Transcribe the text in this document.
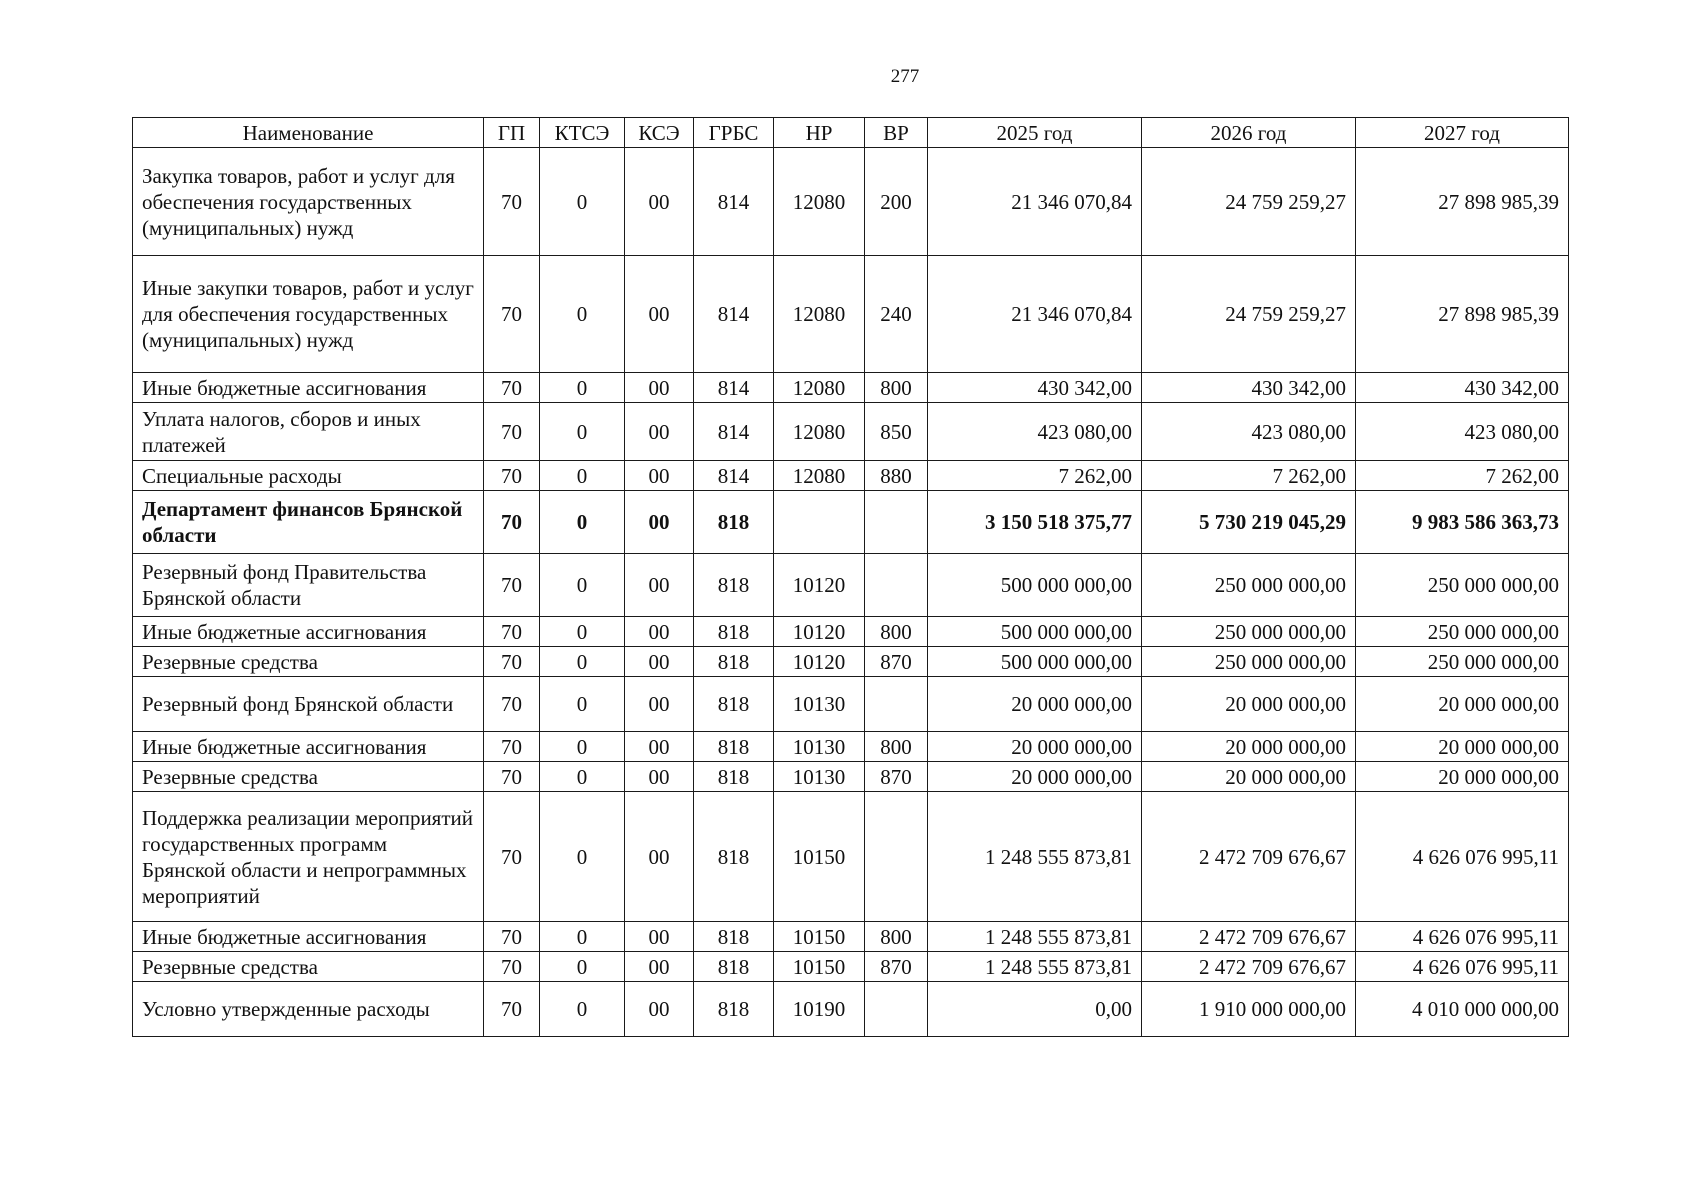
277
Наименование	ГП	КТСЭ	КСЭ	ГРБС	НР	ВР	2025 год	2026 год	2027 год
Закупка товаров, работ и услуг для обеспечения государственных (муниципальных) нужд	70	0	00	814	12080	200	21 346 070,84	24 759 259,27	27 898 985,39
Иные закупки товаров, работ и услуг для обеспечения государственных (муниципальных) нужд	70	0	00	814	12080	240	21 346 070,84	24 759 259,27	27 898 985,39
Иные бюджетные ассигнования	70	0	00	814	12080	800	430 342,00	430 342,00	430 342,00
Уплата налогов, сборов и иных платежей	70	0	00	814	12080	850	423 080,00	423 080,00	423 080,00
Специальные расходы	70	0	00	814	12080	880	7 262,00	7 262,00	7 262,00
Департамент финансов Брянской области	70	0	00	818			3 150 518 375,77	5 730 219 045,29	9 983 586 363,73
Резервный фонд Правительства Брянской области	70	0	00	818	10120		500 000 000,00	250 000 000,00	250 000 000,00
Иные бюджетные ассигнования	70	0	00	818	10120	800	500 000 000,00	250 000 000,00	250 000 000,00
Резервные средства	70	0	00	818	10120	870	500 000 000,00	250 000 000,00	250 000 000,00
Резервный фонд Брянской области	70	0	00	818	10130		20 000 000,00	20 000 000,00	20 000 000,00
Иные бюджетные ассигнования	70	0	00	818	10130	800	20 000 000,00	20 000 000,00	20 000 000,00
Резервные средства	70	0	00	818	10130	870	20 000 000,00	20 000 000,00	20 000 000,00
Поддержка реализации мероприятий государственных программ Брянской области и непрограммных мероприятий	70	0	00	818	10150		1 248 555 873,81	2 472 709 676,67	4 626 076 995,11
Иные бюджетные ассигнования	70	0	00	818	10150	800	1 248 555 873,81	2 472 709 676,67	4 626 076 995,11
Резервные средства	70	0	00	818	10150	870	1 248 555 873,81	2 472 709 676,67	4 626 076 995,11
Условно утвержденные расходы	70	0	00	818	10190		0,00	1 910 000 000,00	4 010 000 000,00
